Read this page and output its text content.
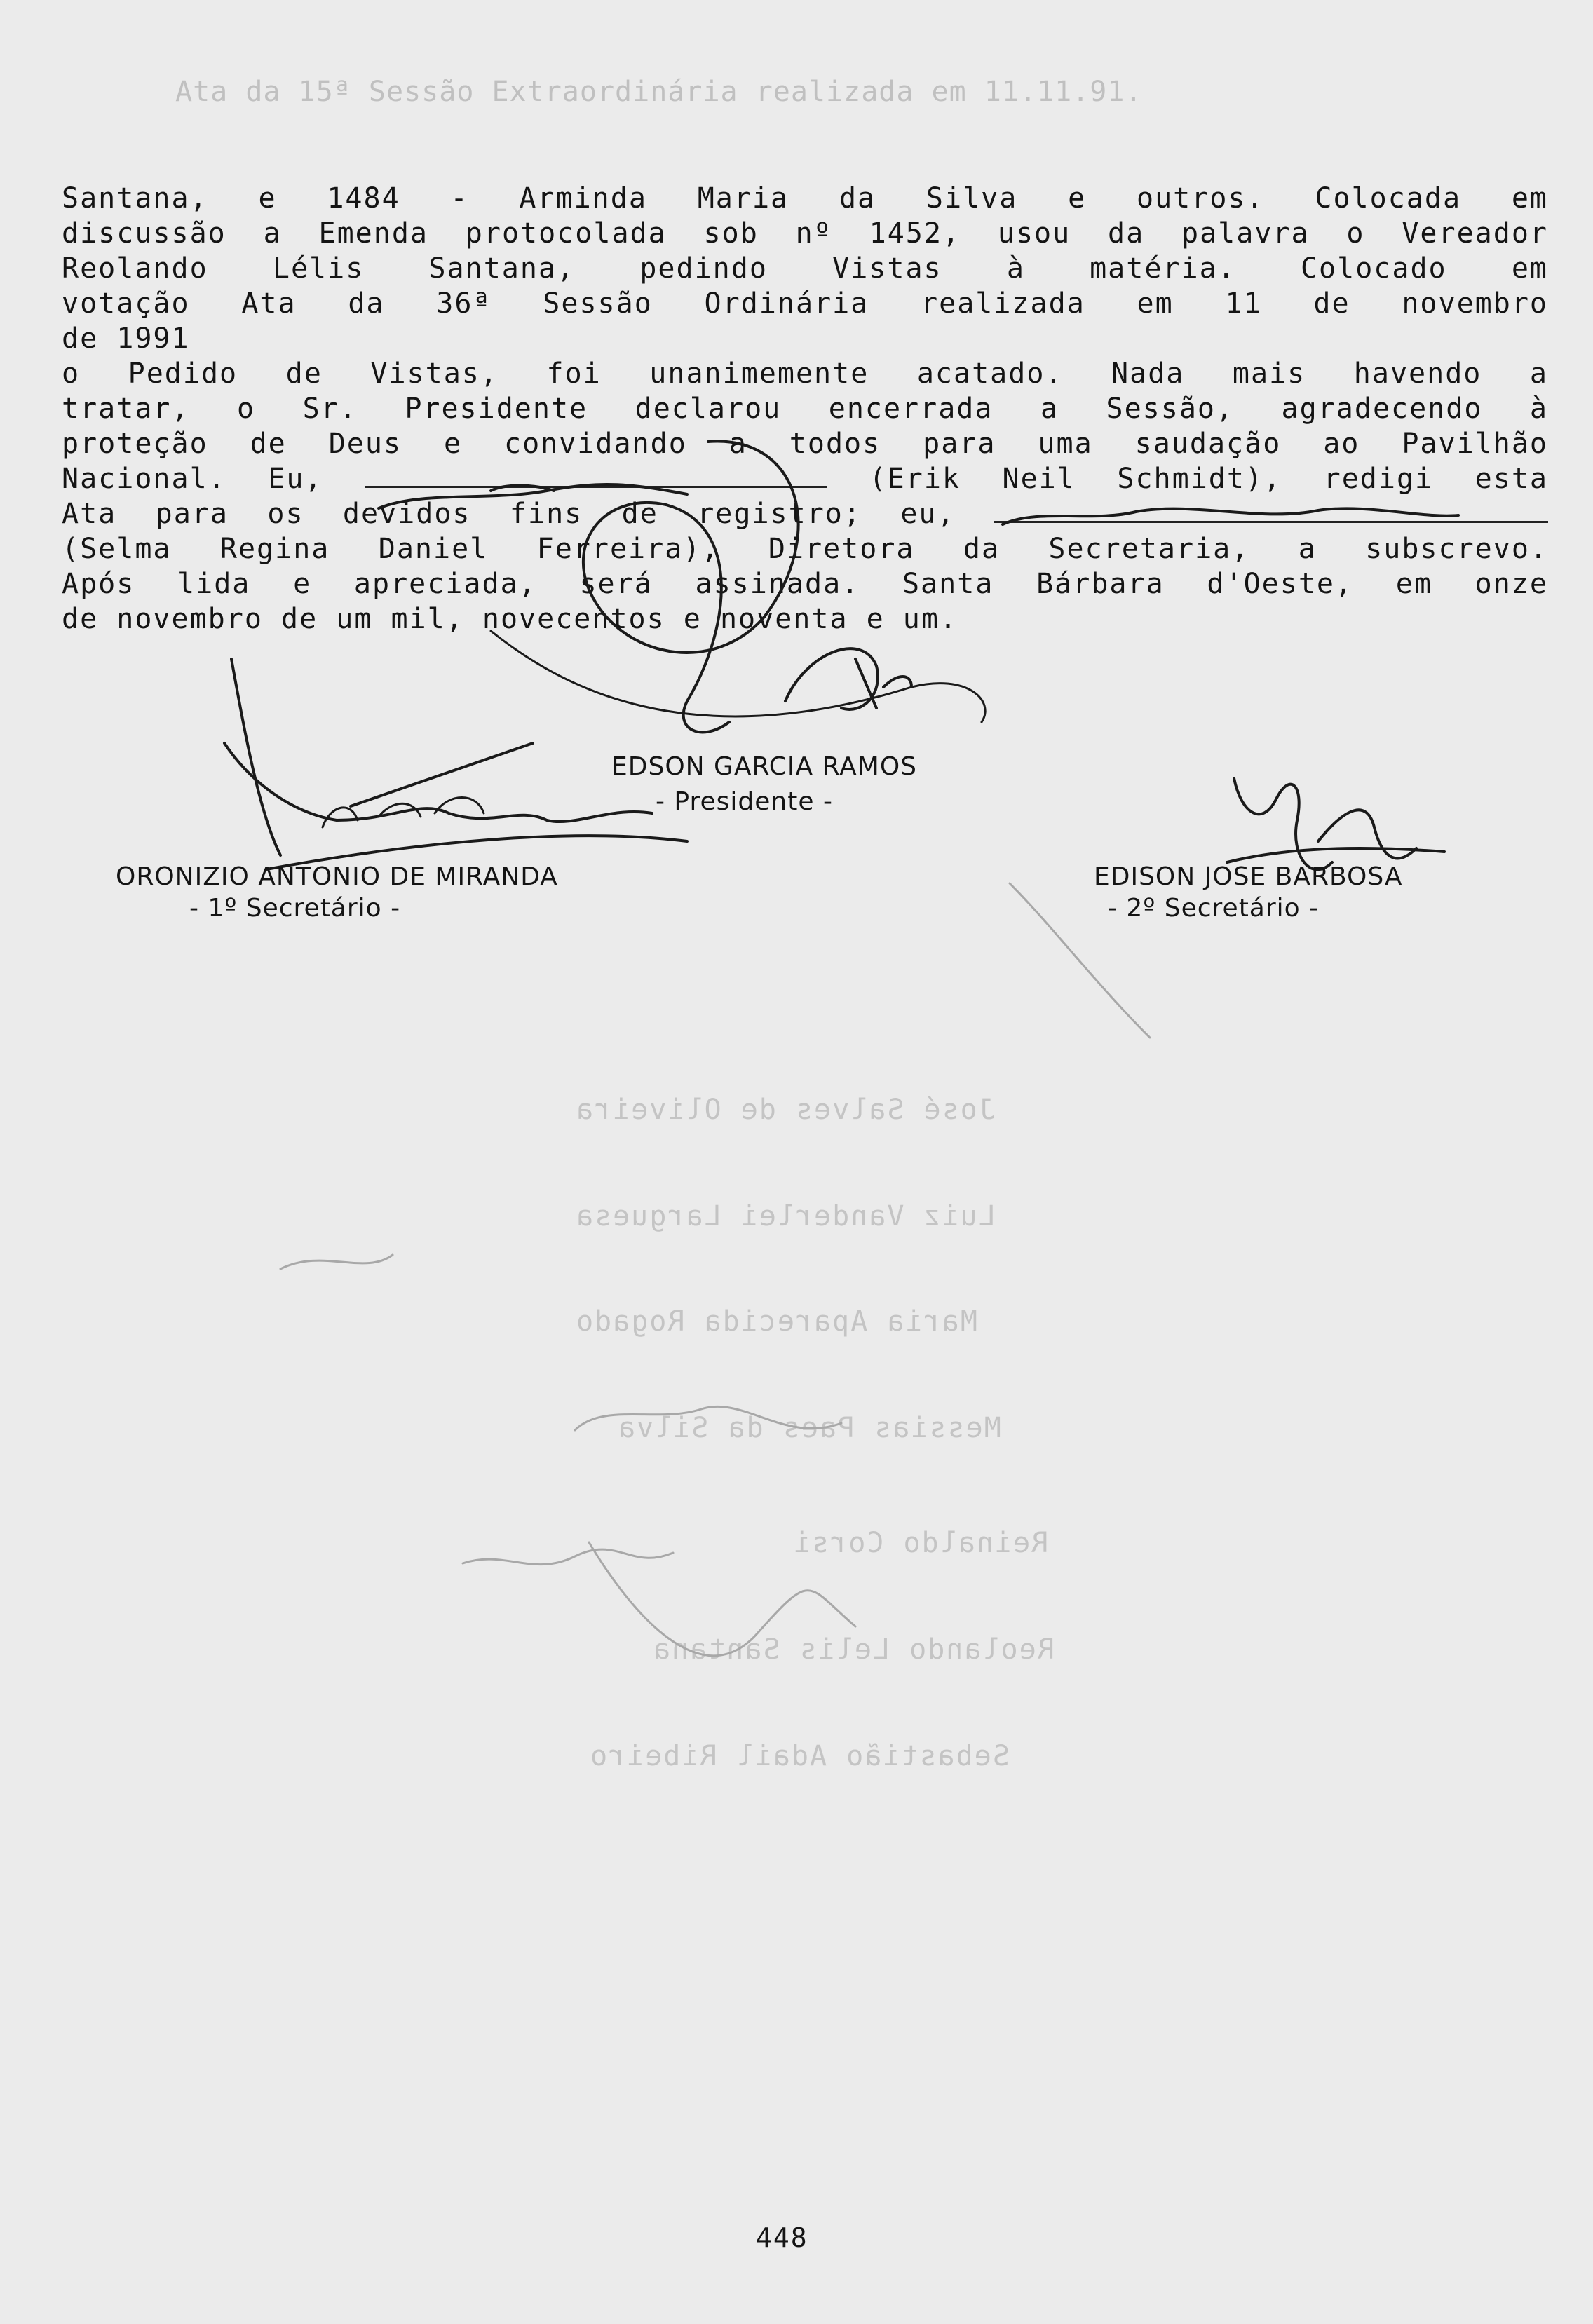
Ata da 15ª Sessão Extraordinária realizada em 11.11.91.
Santana, e 1484 - Arminda Maria da Silva e outros. Colocada em
discussão a Emenda protocolada sob nº 1452, usou da palavra o Vereador
Reolando Lélis Santana, pedindo Vistas à matéria. Colocado em
votação Ata da 36ª Sessão Ordinária realizada em 11 de novembro
de 1991
o Pedido de Vistas, foi unanimemente acatado. Nada mais havendo a
tratar, o Sr. Presidente declarou encerrada a Sessão, agradecendo à
proteção de Deus e convidando a todos para uma saudação ao Pavilhão
Nacional. Eu,	(Erik Neil Schmidt), redigi esta
Ata para os devidos fins de registro; eu,
(Selma Regina Daniel Ferreira), Diretora da Secretaria, a subscrevo.
Após lida e apreciada, será assinada. Santa Bárbara d'Oeste, em onze
de novembro de um mil, novecentos e noventa e um.
José Salves de Oliveira
Luiz Vanderlei Larguesa
Maria Aparecida Rogado
Messias Paes da Silva
Reinaldo Corsi
Reolando Lelis Santana
Sebastião Adail Ribeiro
EDSON GARCIA RAMOS
- Presidente -
ORONIZIO ANTONIO DE MIRANDA
- 1º Secretário -
EDISON JOSE BARBOSA
- 2º Secretário -
448
